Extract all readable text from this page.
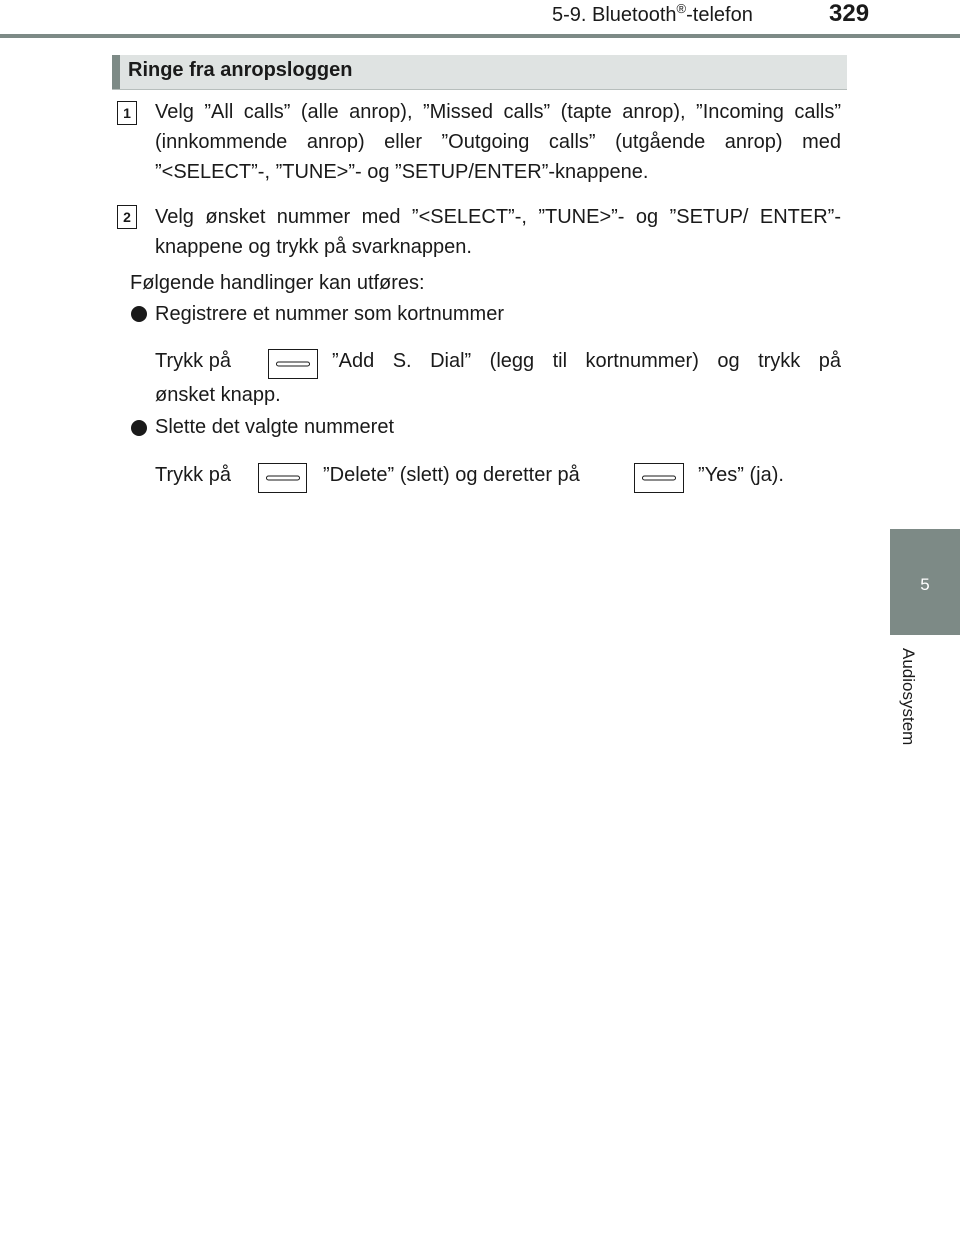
5-9. Bluetooth®-telefon	329
5
Audiosystem
Ringe fra anropsloggen
1	Velg ”All calls” (alle anrop), ”Missed calls” (tapte anrop), ”Incoming calls” (innkommende anrop) eller ”Outgoing calls” (utgående anrop) med ”<SELECT”-, ”TUNE>”- og ”SETUP/ENTER”-knappene.
2	Velg ønsket nummer med ”<SELECT”-, ”TUNE>”- og ”SETUP/ ENTER”-knappene og trykk på svarknappen.
Følgende handlinger kan utføres:
Registrere et nummer som kortnummer
Trykk på	”Add S. Dial” (legg til kortnummer) og trykk på
ønsket knapp.
Slette det valgte nummeret
Trykk på	”Delete” (slett) og deretter på	”Yes” (ja).
